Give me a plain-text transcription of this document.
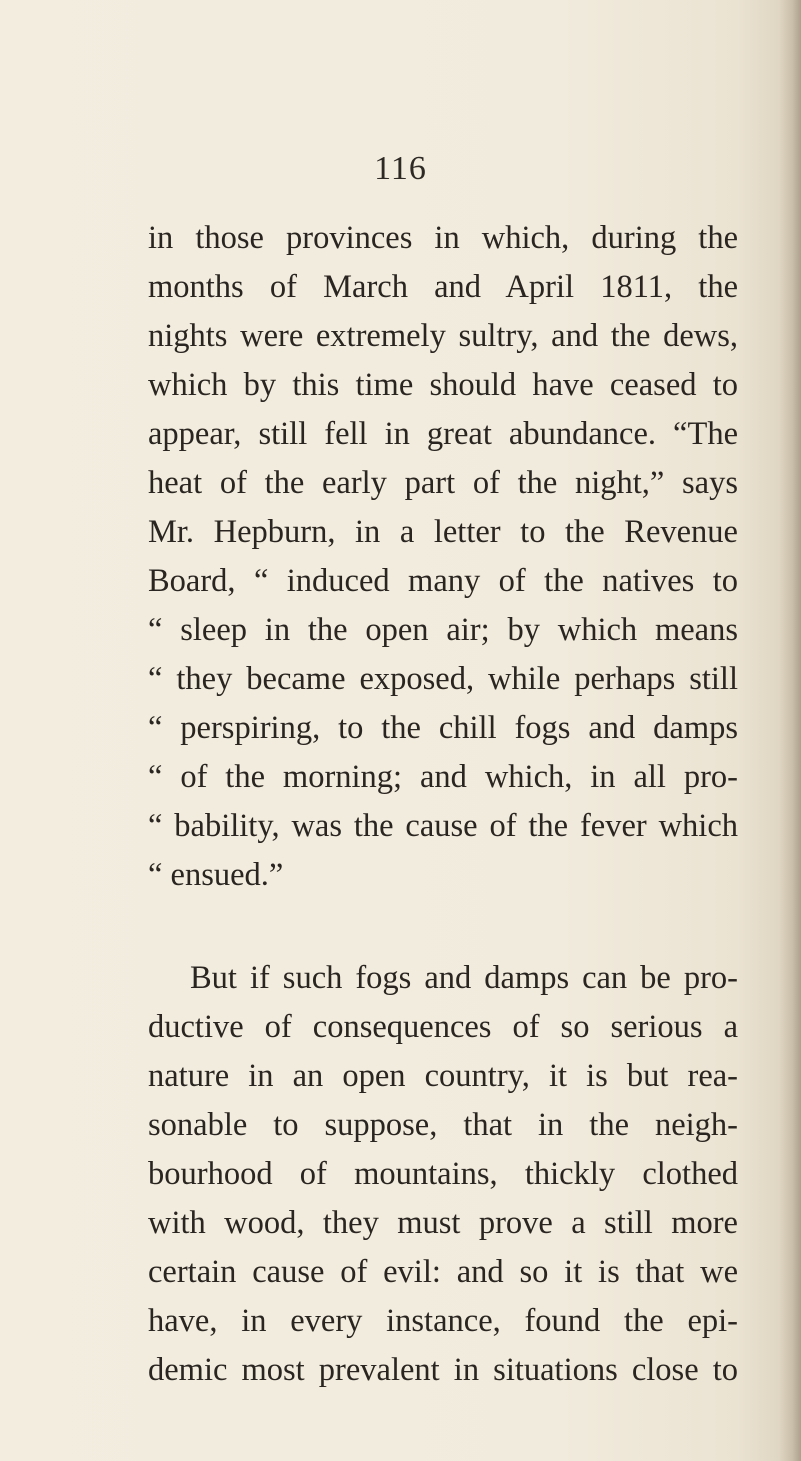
116
in those provinces in which, during the
months of March and April 1811, the
nights were extremely sultry, and the dews,
which by this time should have ceased to
appear, still fell in great abundance. “The
heat of the early part of the night,” says
Mr. Hepburn, in a letter to the Revenue
Board, “ induced many of the natives to
“ sleep in the open air; by which means
“ they became exposed, while perhaps still
“ perspiring, to the chill fogs and damps
“ of the morning; and which, in all pro-
“ bability, was the cause of the fever which
“ ensued.”
But if such fogs and damps can be pro-
ductive of consequences of so serious a
nature in an open country, it is but rea-
sonable to suppose, that in the neigh-
bourhood of mountains, thickly clothed
with wood, they must prove a still more
certain cause of evil: and so it is that we
have, in every instance, found the epi-
demic most prevalent in situations close to
